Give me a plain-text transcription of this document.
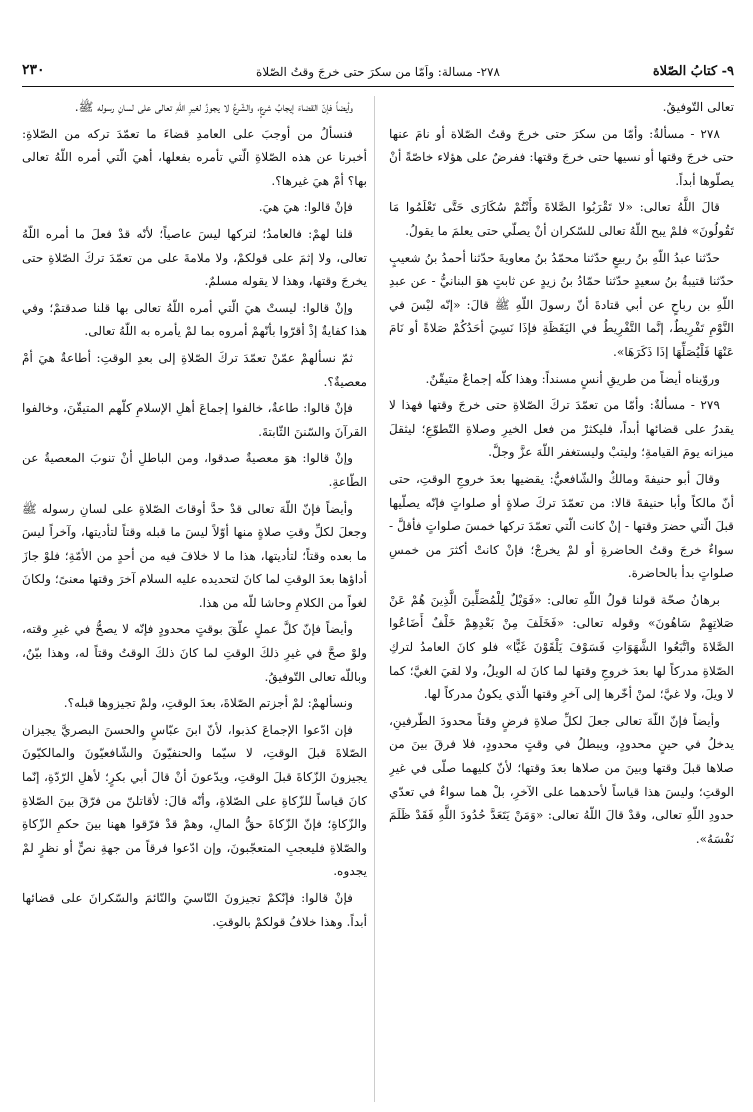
٩- كتابُ الصّلاة
٢٧٨- مسالة: واَمّا من سكرَ حتى خرجَ وقتُ الصّلاة
٢٣٠

تعالى التّوفيقُ.

٢٧٨ - مسألةٌ: وأمّا من سكرَ حتى خرجَ وقتُ الصّلاة أو نامَ عنها حتى خرجَ وقتها أو نسيها حتى خرجَ وقتها: ففرضٌ على هؤلاء خاصّةً أنْ يصلّوها أبداً.

قالَ اللَّهُ تعالى: «لا تَقْرَبُوا الصَّلاةَ وأَنْتُمْ سُكَارَى حَتَّى تَعْلَمُوا مَا تَقُولُونَ» فلمْ يبح اللّهُ تعالى للسّكران أنْ يصلّي حتى يعلمَ ما يقولُ.

حدّثنا عبدُ اللّهِ بنُ ربيعٍ حدّثنا محمّدُ بنُ معاويةَ حدّثنا أحمدُ بنُ شعيبٍ حدّثنا قتيبةُ بنُ سعيدٍ حدّثنا حمّادُ بنُ زيدٍ عن ثابتٍ هوَ البنانيُّ - عن عبدِ اللّهِ بن رباحٍ عن أبي قتادةَ أنّ رسولَ اللّهِ ﷺ قالَ: «إنّه ليْسَ في النَّوْمِ تَفْرِيطٌ، إنَّما التَّفْرِيطُ في اليَقَظَةِ فإذَا نَسِيَ أحَدُكُمْ صَلاةً أو نَامَ عَنْهَا فَلْيُصَلِّهَا إذَا ذَكَرَهَا».

وروّيناه أيضاً من طريقِ أنسٍ مسنداً: وهذا كلّه إجماعٌ متيقّنٌ.

٢٧٩ - مسألةٌ: وأمّا من تعمّدَ تركَ الصّلاةِ حتى خرجَ وقتها فهذا لا يقدرُ على قضائها أبداً، فليكثرْ من فعل الخيرِ وصلاةِ التّطوّعِ؛ ليثقلَ ميزانه يومَ القيامةِ؛ وليتبْ وليستغفر اللّهَ عزَّ وجلَّ.

وقالَ أبو حنيفةَ ومالكٌ والشّافعيُّ: يقضيها بعدَ خروجِ الوقتِ، حتى أنّ مالكاً وأبا حنيفةَ قالا: من تعمّدَ تركَ صلاةٍ أو صلواتٍ فإنّه يصلّيها قبلَ الّتي حضرَ وقتها - إنْ كانت الّتي تعمّدَ تركها خمسَ صلواتٍ فأقلَّ - سواءٌ خرجَ وقتُ الحاضرةِ أو لمْ يخرجْ؛ فإنْ كانتْ أكثرَ من خمسِ صلواتٍ بدأ بالحاضرة.

برهانُ صحّة قولنا قولُ اللّهِ تعالى: «فَوَيْلٌ لِلْمُصَلِّينَ الَّذِينَ هُمْ عَنْ صَلاتِهِمْ سَاهُونَ» وقوله تعالى: «فَخَلَفَ مِنْ بَعْدِهِمْ خَلْفٌ أَضَاعُوا الصَّلاةَ واتَّبَعُوا الشَّهَوَاتِ فَسَوْفَ يَلْقَوْنَ غَيًّا» فلو كانَ العامدُ لتركِ الصّلاةِ مدركاً لها بعدَ خروجِ وقتها لما كانَ له الويلُ، ولا لقيَ الغيَّ؛ كما لا ويلَ، ولا غيَّ؛ لمنْ أخّرها إلى آخرِ وقتها الّذي يكونُ مدركاً لها.

وأيضاً فإنّ اللّهَ تعالى جعلَ لكلِّ صلاةِ فرضٍ وقتاً محدودَ الطّرفينِ، يدخلُ في حينٍ محدودٍ، ويبطلُ في وقتٍ محدودٍ، فلا فرقَ بينَ من صلاها قبلَ وقتها وبينَ من صلاها بعدَ وقتها؛ لأنّ كليهما صلّى في غيرِ الوقتِ؛ وليسَ هذا قياساً لأحدهما على الآخرِ، بلْ هما سواءٌ في تعدّي حدودِ اللّهِ تعالى، وقدْ قالَ اللّهُ تعالى: «وَمَنْ يَتَعَدَّ حُدُودَ اللَّهِ فَقَدْ ظَلَمَ نَفْسَهُ».

وأيضاً فإنّ القضاءَ إيجابُ شرعٍ، والشّرعُ لا يجوزُ لغيرِ اللّهِ تعالى على لسانِ رسوله ﷺ.

فنسألُ من أوجبَ على العامدِ قضاءَ ما تعمّدَ تركه من الصّلاةِ: أخبرنا عن هذه الصّلاةِ الّتي تأمره بفعلها، أهيَ الّتي أمره اللّهُ تعالى بها؟ أمْ هيَ غيرها؟.

فإنْ قالوا: هيَ هيَ.

قلنا لهمْ: فالعامدُ؛ لتركها ليسَ عاصياً؛ لأنّه قدْ فعلَ ما أمره اللّهُ تعالى، ولا إثمَ على قولكمْ، ولا ملامةَ على من تعمّدَ تركَ الصّلاةِ حتى يخرجَ وقتها، وهذا لا يقوله مسلمٌ.

وإنْ قالوا: ليستْ هيَ الّتي أمره اللّهُ تعالى بها قلنا صدقتمْ؛ وفي هذا كفايةٌ إذْ أقرّوا بأنّهمْ أمروه بما لمْ يأمره به اللّهُ تعالى.

ثمّ نسألهمْ عمّنْ تعمّدَ تركَ الصّلاةِ إلى بعدِ الوقتِ: أطاعةٌ هيَ أمْ معصيةٌ؟.

فإنْ قالوا: طاعةٌ، خالفوا إجماعَ أهلِ الإسلامِ كلّهم المتيقّنَ، وخالفوا القرآنَ والسّننَ الثّابتةَ.

وإنْ قالوا: هوَ معصيةٌ صدقوا، ومن الباطلِ أنْ تنوبَ المعصيةُ عن الطّاعةِ.

وأيضاً فإنّ اللّهَ تعالى قدْ حدَّ أوقاتَ الصّلاةِ على لسانِ رسوله ﷺ وجعلَ لكلِّ وقتِ صلاةٍ منها أوّلاً ليسَ ما قبله وقتاً لتأديتها، وآخراً ليسَ ما بعده وقتاً؛ لتأديتها، هذا ما لا خلافَ فيه من أحدٍ من الأمّةِ؛ فلوْ جازَ أداؤها بعدَ الوقتِ لما كانَ لتحديده عليه السلام آخرَ وقتها معنىً؛ ولكانَ لغواً من الكلامِ وحاشا للّه من هذا.

وأيضاً فإنّ كلَّ عملٍ علّقَ بوقتٍ محدودٍ فإنّه لا يصحُّ في غيرِ وقته، ولوْ صحَّ في غيرِ ذلكَ الوقتِ لما كانَ ذلكَ الوقتُ وقتاً له، وهذا بيّنٌ، وباللّه تعالى التّوفيقُ.

ونسألهمْ: لمْ أجزتم الصّلاةَ، بعدَ الوقتِ، ولمْ تجيزوها قبله؟.

فإن ادّعوا الإجماعَ كذبوا، لأنّ ابنَ عبّاسٍ والحسنَ البصريَّ يجيزان الصّلاةَ قبلَ الوقتِ، لا سيّما والحنفيّونَ والشّافعيّونَ والمالكيّونَ يجيزونَ الزّكاةَ قبلَ الوقتِ، ويدّعونَ أنْ قالَ أبي بكرٍ؛ لأهلِ الرّدّةِ، إنّما كانَ قياساً للزّكاةِ على الصّلاةِ، وأنّه قالَ: لأقاتلنّ من فرّقَ بينَ الصّلاةِ والزّكاةِ؛ فإنّ الزّكاةَ حقُّ المالِ، وهمْ قدْ فرّقوا ههنا بينَ حكمِ الزّكاةِ والصّلاةِ فليعجبِ المتعجّبونَ، وإن ادّعوا فرقاً من جهةِ نصٍّ أو نظرٍ لمْ يجدوه.

فإنْ قالوا: فإنّكمْ تجيزونَ النّاسيَ والنّائمَ والسّكرانَ على قضائها أبداً. وهذا خلافُ قولكمْ بالوقتِ.
